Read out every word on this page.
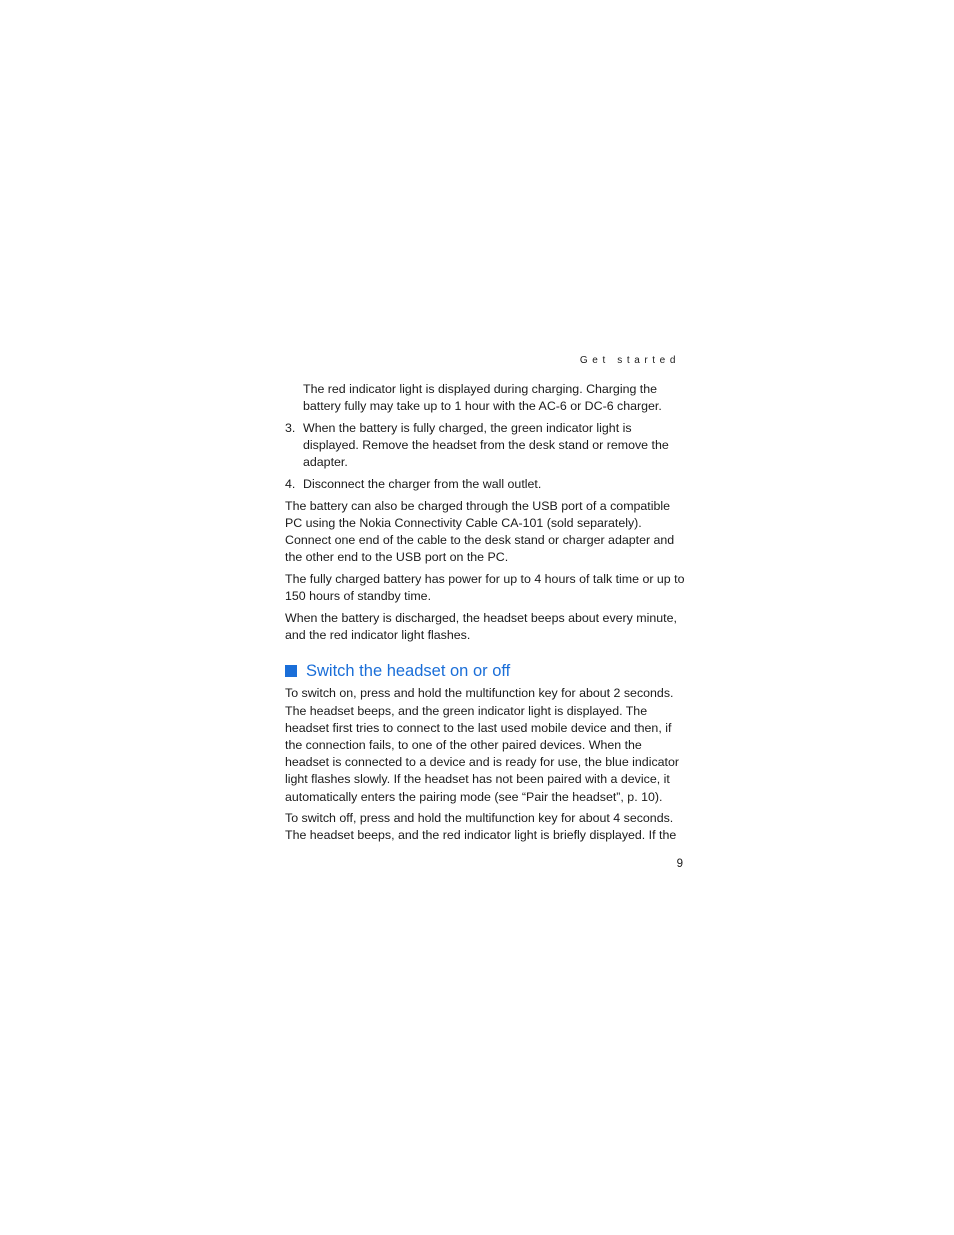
Get started

The red indicator light is displayed during charging. Charging the battery fully may take up to 1 hour with the AC-6 or DC-6 charger.

3. When the battery is fully charged, the green indicator light is displayed. Remove the headset from the desk stand or remove the adapter.
4. Disconnect the charger from the wall outlet.

The battery can also be charged through the USB port of a compatible PC using the Nokia Connectivity Cable CA-101 (sold separately). Connect one end of the cable to the desk stand or charger adapter and the other end to the USB port on the PC.

The fully charged battery has power for up to 4 hours of talk time or up to 150 hours of standby time.

When the battery is discharged, the headset beeps about every minute, and the red indicator light flashes.

Switch the headset on or off

To switch on, press and hold the multifunction key for about 2 seconds. The headset beeps, and the green indicator light is displayed. The headset first tries to connect to the last used mobile device and then, if the connection fails, to one of the other paired devices. When the headset is connected to a device and is ready for use, the blue indicator light flashes slowly. If the headset has not been paired with a device, it automatically enters the pairing mode (see “Pair the headset”, p. 10).

To switch off, press and hold the multifunction key for about 4 seconds. The headset beeps, and the red indicator light is briefly displayed. If the

9
